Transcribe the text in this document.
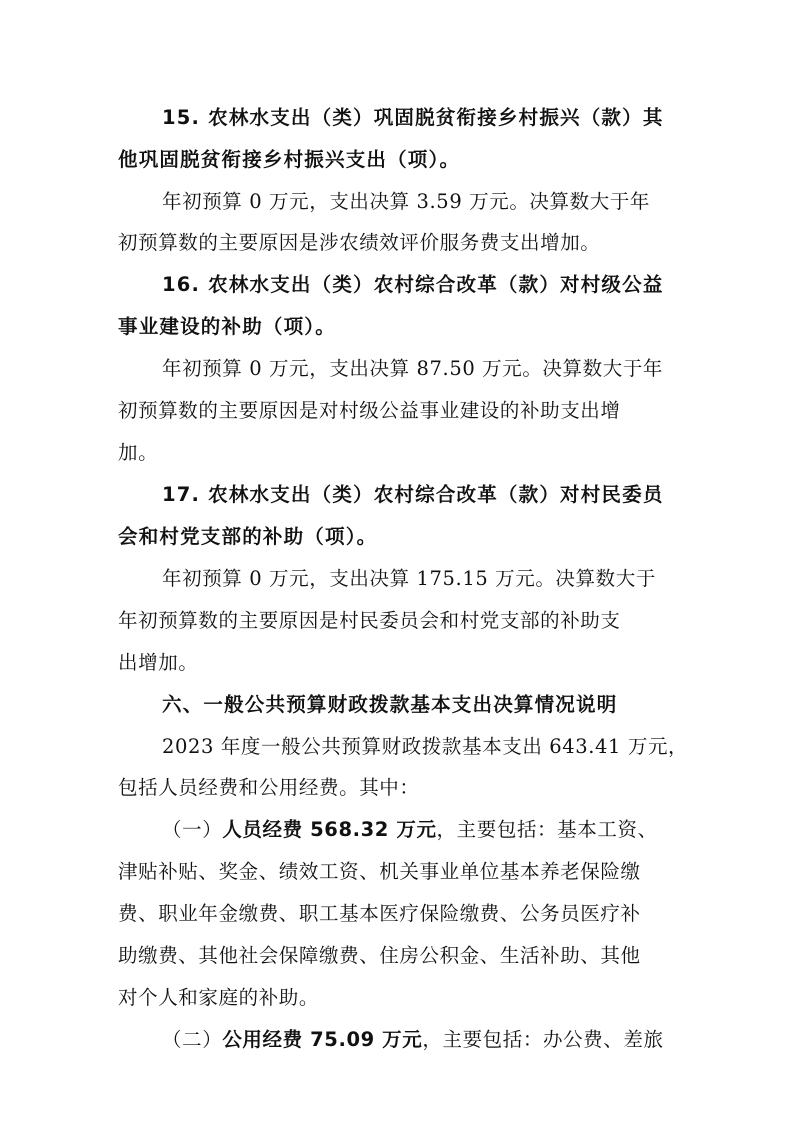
15. 农林水支出（类）巩固脱贫衔接乡村振兴（款）其
他巩固脱贫衔接乡村振兴支出（项）。
年初预算 0 万元，支出决算 3.59 万元。决算数大于年
初预算数的主要原因是涉农绩效评价服务费支出增加。
16. 农林水支出（类）农村综合改革（款）对村级公益
事业建设的补助（项）。
年初预算 0 万元，支出决算 87.50 万元。决算数大于年
初预算数的主要原因是对村级公益事业建设的补助支出增
加。
17. 农林水支出（类）农村综合改革（款）对村民委员
会和村党支部的补助（项）。
年初预算 0 万元，支出决算 175.15 万元。决算数大于
年初预算数的主要原因是村民委员会和村党支部的补助支
出增加。
六、一般公共预算财政拨款基本支出决算情况说明
2023 年度一般公共预算财政拨款基本支出 643.41 万元，
包括人员经费和公用经费。其中：
（一）人员经费 568.32 万元，主要包括：基本工资、
津贴补贴、奖金、绩效工资、机关事业单位基本养老保险缴
费、职业年金缴费、职工基本医疗保险缴费、公务员医疗补
助缴费、其他社会保障缴费、住房公积金、生活补助、其他
对个人和家庭的补助。
（二）公用经费 75.09 万元，主要包括：办公费、差旅
